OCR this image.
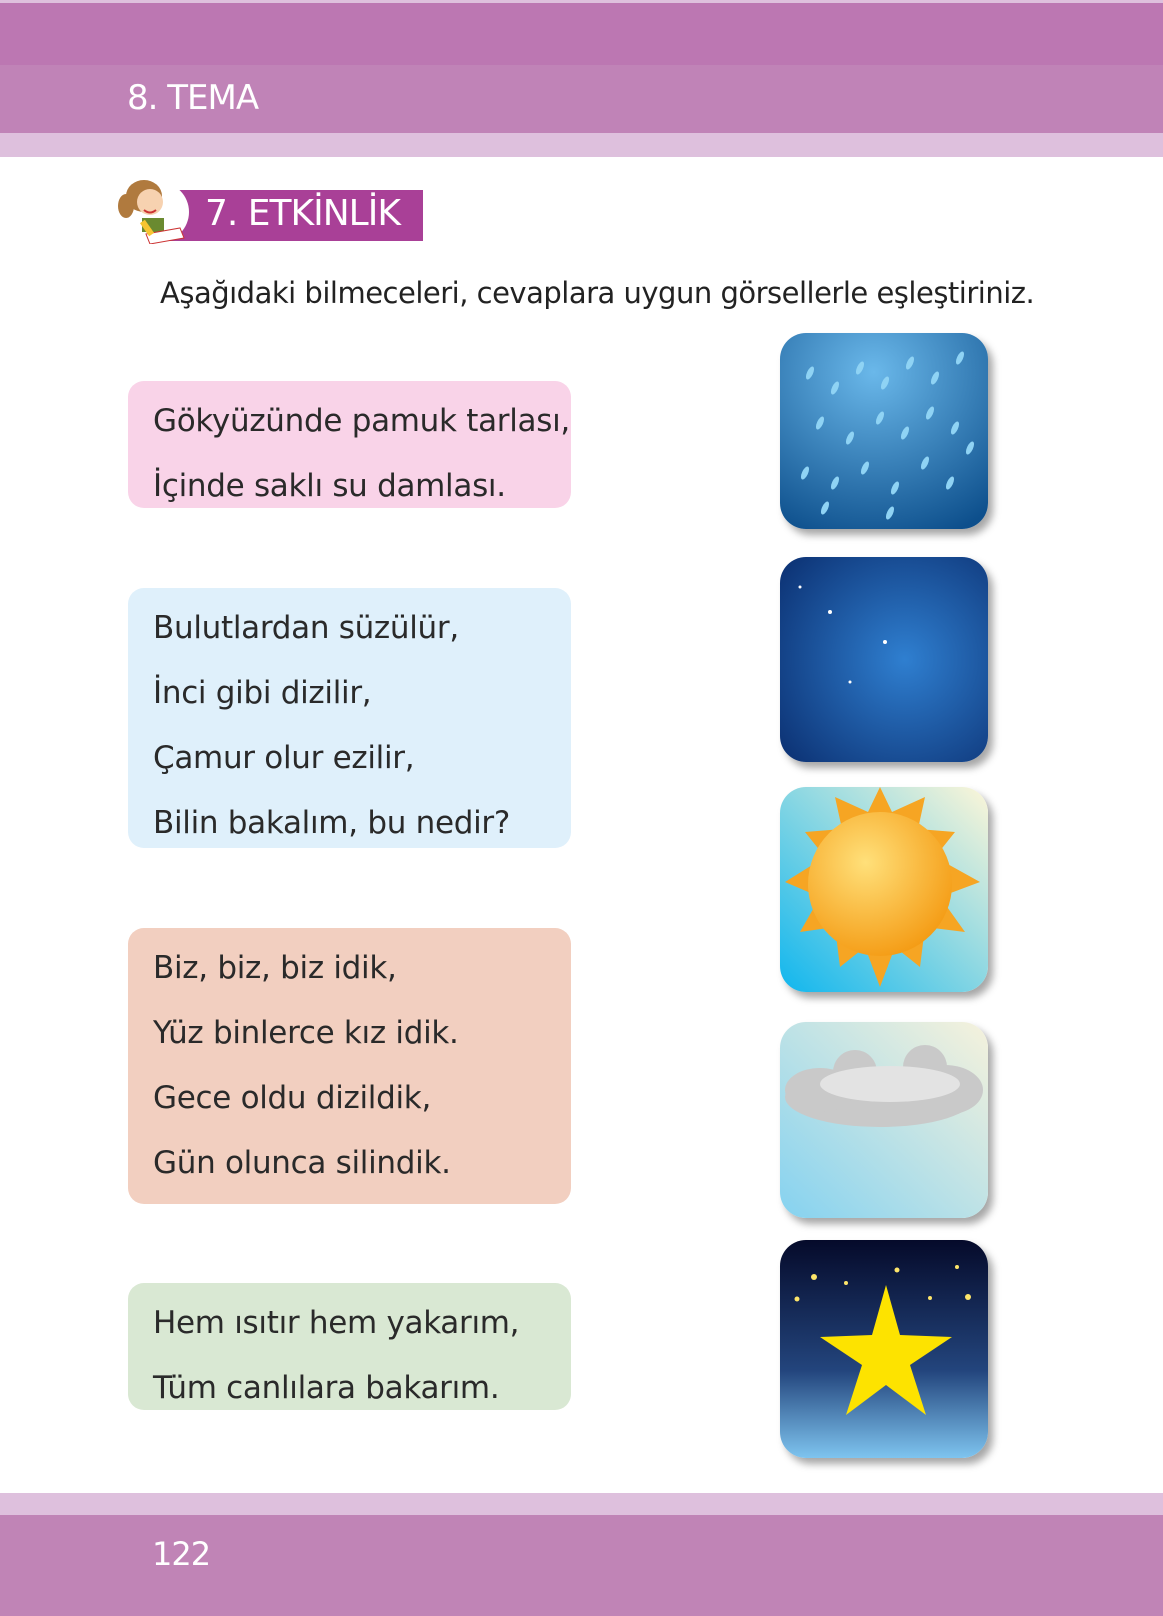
8. TEMA
7. ETKİNLİK
Aşağıdaki bilmeceleri, cevaplara uygun görsellerle eşleştiriniz.
Gökyüzünde pamuk tarlası,
İçinde saklı su damlası.
Bulutlardan süzülür,
İnci gibi dizilir,
Çamur olur ezilir,
Bilin bakalım, bu nedir?
Biz, biz, biz idik,
Yüz binlerce kız idik.
Gece oldu dizildik,
Gün olunca silindik.
Hem ısıtır hem yakarım,
Tüm canlılara bakarım.
122
